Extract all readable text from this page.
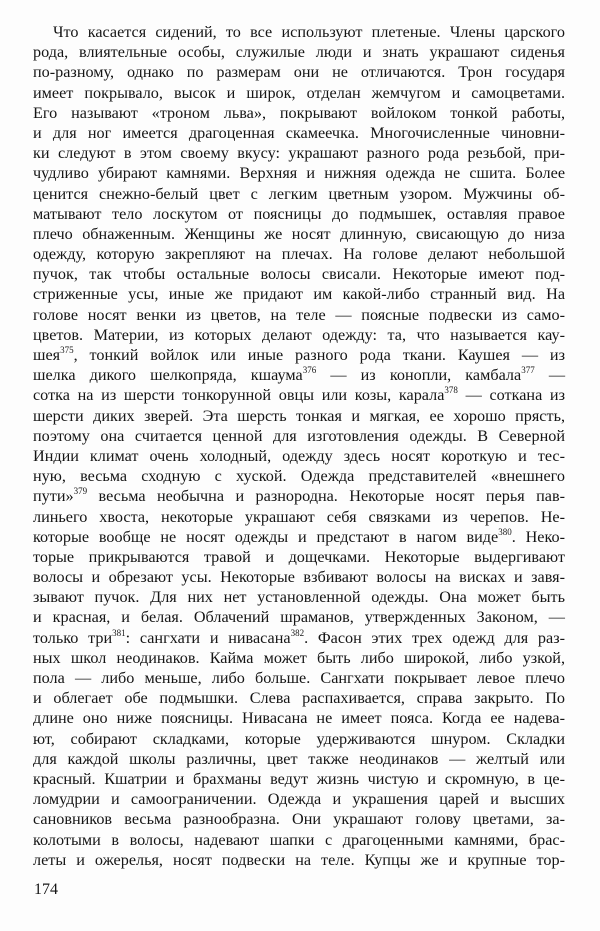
Что касается сидений, то все используют плетеные. Члены царского
рода, влиятельные особы, служилые люди и знать украшают сиденья
по-разному, однако по размерам они не отличаются. Трон государя
имеет покрывало, высок и широк, отделан жемчугом и самоцветами.
Его называют «троном льва», покрывают войлоком тонкой работы,
и для ног имеется драгоценная скамеечка. Многочисленные чиновни-
ки следуют в этом своему вкусу: украшают разного рода резьбой, при-
чудливо убирают камнями. Верхняя и нижняя одежда не сшита. Более
ценится снежно-белый цвет с легким цветным узором. Мужчины об-
матывают тело лоскутом от поясницы до подмышек, оставляя правое
плечо обнаженным. Женщины же носят длинную, свисающую до низа
одежду, которую закрепляют на плечах. На голове делают небольшой
пучок, так чтобы остальные волосы свисали. Некоторые имеют под-
стриженные усы, иные же придают им какой-либо странный вид. На
голове носят венки из цветов, на теле — поясные подвески из само-
цветов. Материи, из которых делают одежду: та, что называется кау-
шея$^{375}$, тонкий войлок или иные разного рода ткани. Каушея — из
шелка дикого шелкопряда, кшаума$^{376}$ — из конопли, камбала$^{377}$ —
сотка на из шерсти тонкорунной овцы или козы, карала$^{378}$ — соткана из
шерсти диких зверей. Эта шерсть тонкая и мягкая, ее хорошо прясть,
поэтому она считается ценной для изготовления одежды. В Северной
Индии климат очень холодный, одежду здесь носят короткую и тес-
ную, весьма сходную с хуской. Одежда представителей «внешнего
пути»$^{379}$ весьма необычна и разнородна. Некоторые носят перья пав-
линьего хвоста, некоторые украшают себя связками из черепов. Не-
которые вообще не носят одежды и предстают в нагом виде$^{380}$. Неко-
торые прикрываются травой и дощечками. Некоторые выдергивают
волосы и обрезают усы. Некоторые взбивают волосы на висках и завя-
зывают пучок. Для них нет установленной одежды. Она может быть
и красная, и белая. Облачений шраманов, утвержденных Законом, —
только три$^{381}$: сангхати и нивасана$^{382}$. Фасон этих трех одежд для раз-
ных школ неодинаков. Кайма может быть либо широкой, либо узкой,
пола — либо меньше, либо больше. Сангхати покрывает левое плечо
и облегает обе подмышки. Слева распахивается, справа закрыто. По
длине оно ниже поясницы. Нивасана не имеет пояса. Когда ее надева-
ют, собирают складками, которые удерживаются шнуром. Складки
для каждой школы различны, цвет также неодинаков — желтый или
красный. Кшатрии и брахманы ведут жизнь чистую и скромную, в це-
ломудрии и самоограничении. Одежда и украшения царей и высших
сановников весьма разнообразна. Они украшают голову цветами, за-
колотыми в волосы, надевают шапки с драгоценными камнями, брас-
леты и ожерелья, носят подвески на теле. Купцы же и крупные тор-
174
